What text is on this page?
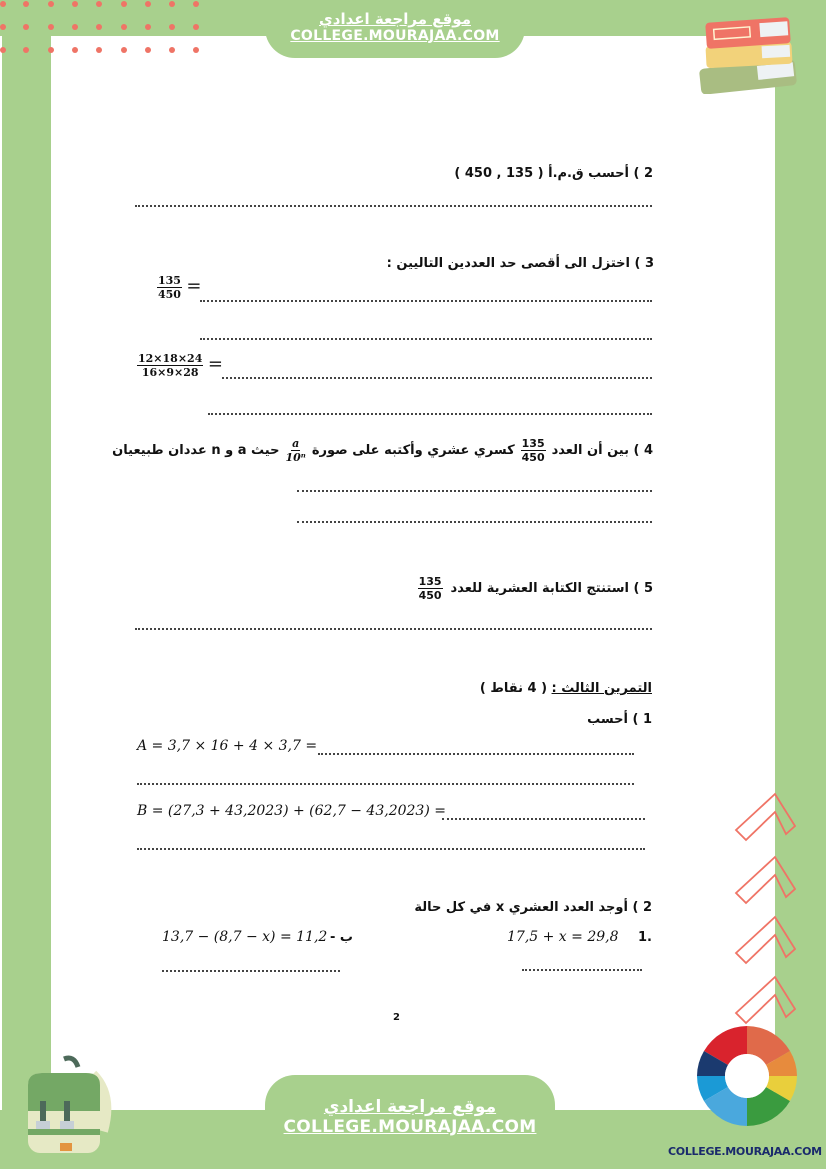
موقع مراجعة اعدادي
COLLEGE.MOURAJAA.COM
2 ) أحسب ق.م.أ ( 135 , 450 )
3 ) اختزل الى أقصى حد العددين التاليين :
$\frac{135}{450}$ =
$\frac{12\times 18\times 24}{16\times 9\times 28}$ =
4 ) بين أن العدد
$\frac{135}{450}$
كسري عشري وأكتبه على صورة
$\frac{a}{\text{10ⁿ}}$
حيث a و n عددان طبيعيان
5 ) استنتج الكتابة العشرية للعدد
$\frac{135}{450}$
التمرين الثالث : ( 4 نقاط )
1 ) أحسب
A = 3,7 × 16 + 4 × 3,7 =
B = (27,3 + 43,2023) + (62,7 − 43,2023) =
2 ) أوجد العدد العشري x في كل حالة
.1
17,5 + x = 29,8
13,7 − (8,7 − x) = 11,2 ب -
2
موقع مراجعة اعدادي
COLLEGE.MOURAJAA.COM
COLLEGE.MOURAJAA.COM
